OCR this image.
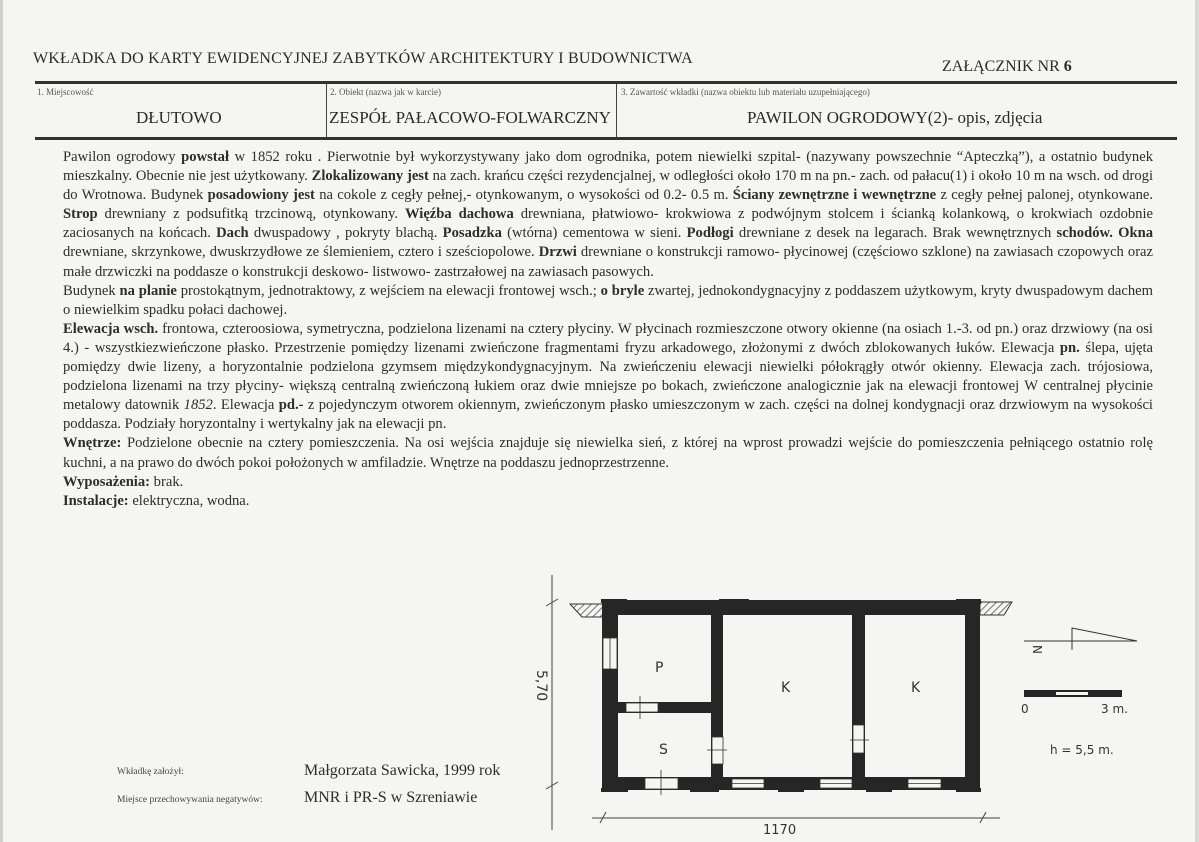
WKŁADKA DO KARTY EWIDENCYJNEJ ZABYTKÓW ARCHITEKTURY I BUDOWNICTWA	ZAŁĄCZNIK NR 6
1. Miejscowość
DŁUTOWO
2. Obiekt (nazwa jak w karcie)
ZESPÓŁ PAŁACOWO-FOLWARCZNY
3. Zawartość wkładki (nazwa obiektu lub materiału uzupełniającego)
PAWILON OGRODOWY(2)- opis, zdjęcia

Pawilon ogrodowy powstał w 1852 roku . Pierwotnie był wykorzystywany jako dom ogrodnika, potem niewielki szpital- (nazywany powszechnie “Apteczką”), a ostatnio budynek mieszkalny. Obecnie nie jest użytkowany. Zlokalizowany jest na zach. krańcu części rezydencjalnej, w odległości około 170 m na pn.- zach. od pałacu(1) i około 10 m na wsch. od drogi do Wrotnowa. Budynek posadowiony jest na cokole z cegły pełnej,- otynkowanym, o wysokości od 0.2- 0.5 m. Ściany zewnętrzne i wewnętrzne z cegły pełnej palonej, otynkowane. Strop drewniany z podsufitką trzcinową, otynkowany. Więźba dachowa drewniana, płatwiowo- krokwiowa z podwójnym stolcem i ścianką kolankową, o krokwiach ozdobnie zaciosanych na końcach. Dach dwuspadowy , pokryty blachą. Posadzka (wtórna) cementowa w sieni. Podłogi drewniane z desek na legarach. Brak wewnętrznych schodów. Okna drewniane, skrzynkowe, dwuskrzydłowe ze ślemieniem, cztero i sześciopolowe. Drzwi drewniane o konstrukcji ramowo- płycinowej (częściowo szklone) na zawiasach czopowych oraz małe drzwiczki na poddasze o konstrukcji deskowo- listwowo- zastrzałowej na zawiasach pasowych.

Budynek na planie prostokątnym, jednotraktowy, z wejściem na elewacji frontowej wsch.; o bryle zwartej, jednokondygnacyjny z poddaszem użytkowym, kryty dwuspadowym dachem o niewielkim spadku połaci dachowej.

Elewacja wsch. frontowa, czteroosiowa, symetryczna, podzielona lizenami na cztery płyciny. W płycinach rozmieszczone otwory okienne (na osiach 1.-3. od pn.) oraz drzwiowy (na osi 4.) - wszystkiezwieńczone płasko. Przestrzenie pomiędzy lizenami zwieńczone fragmentami fryzu arkadowego, złożonymi z dwóch zblokowanych łuków. Elewacja pn. ślepa, ujęta pomiędzy dwie lizeny, a horyzontalnie podzielona gzymsem międzykondygnacyjnym. Na zwieńczeniu elewacji niewielki półokrągły otwór okienny. Elewacja zach. trójosiowa, podzielona lizenami na trzy płyciny- większą centralną zwieńczoną łukiem oraz dwie mniejsze po bokach, zwieńczone analogicznie jak na elewacji frontowej W centralnej płycinie metalowy datownik 1852. Elewacja pd.- z pojedynczym otworem okiennym, zwieńczonym płasko umieszczonym w zach. części na dolnej kondygnacji oraz drzwiowym na wysokości poddasza. Podziały horyzontalny i wertykalny jak na elewacji pn.

Wnętrze: Podzielone obecnie na cztery pomieszczenia. Na osi wejścia znajduje się niewielka sień, z której na wprost prowadzi wejście do pomieszczenia pełniącego ostatnio rolę kuchni, a na prawo do dwóch pokoi położonych w amfiladzie. Wnętrze na poddaszu jednoprzestrzenne.

Wyposażenia: brak.

Instalacje: elektryczna, wodna.

Wkładkę założył:	Małgorzata Sawicka, 1999 rok
Miejsce przechowywania negatywów:	MNR i PR-S w Szreniawie
5,70
1170
P
S
K	K
N
0	3 m.
h = 5,5 m.
